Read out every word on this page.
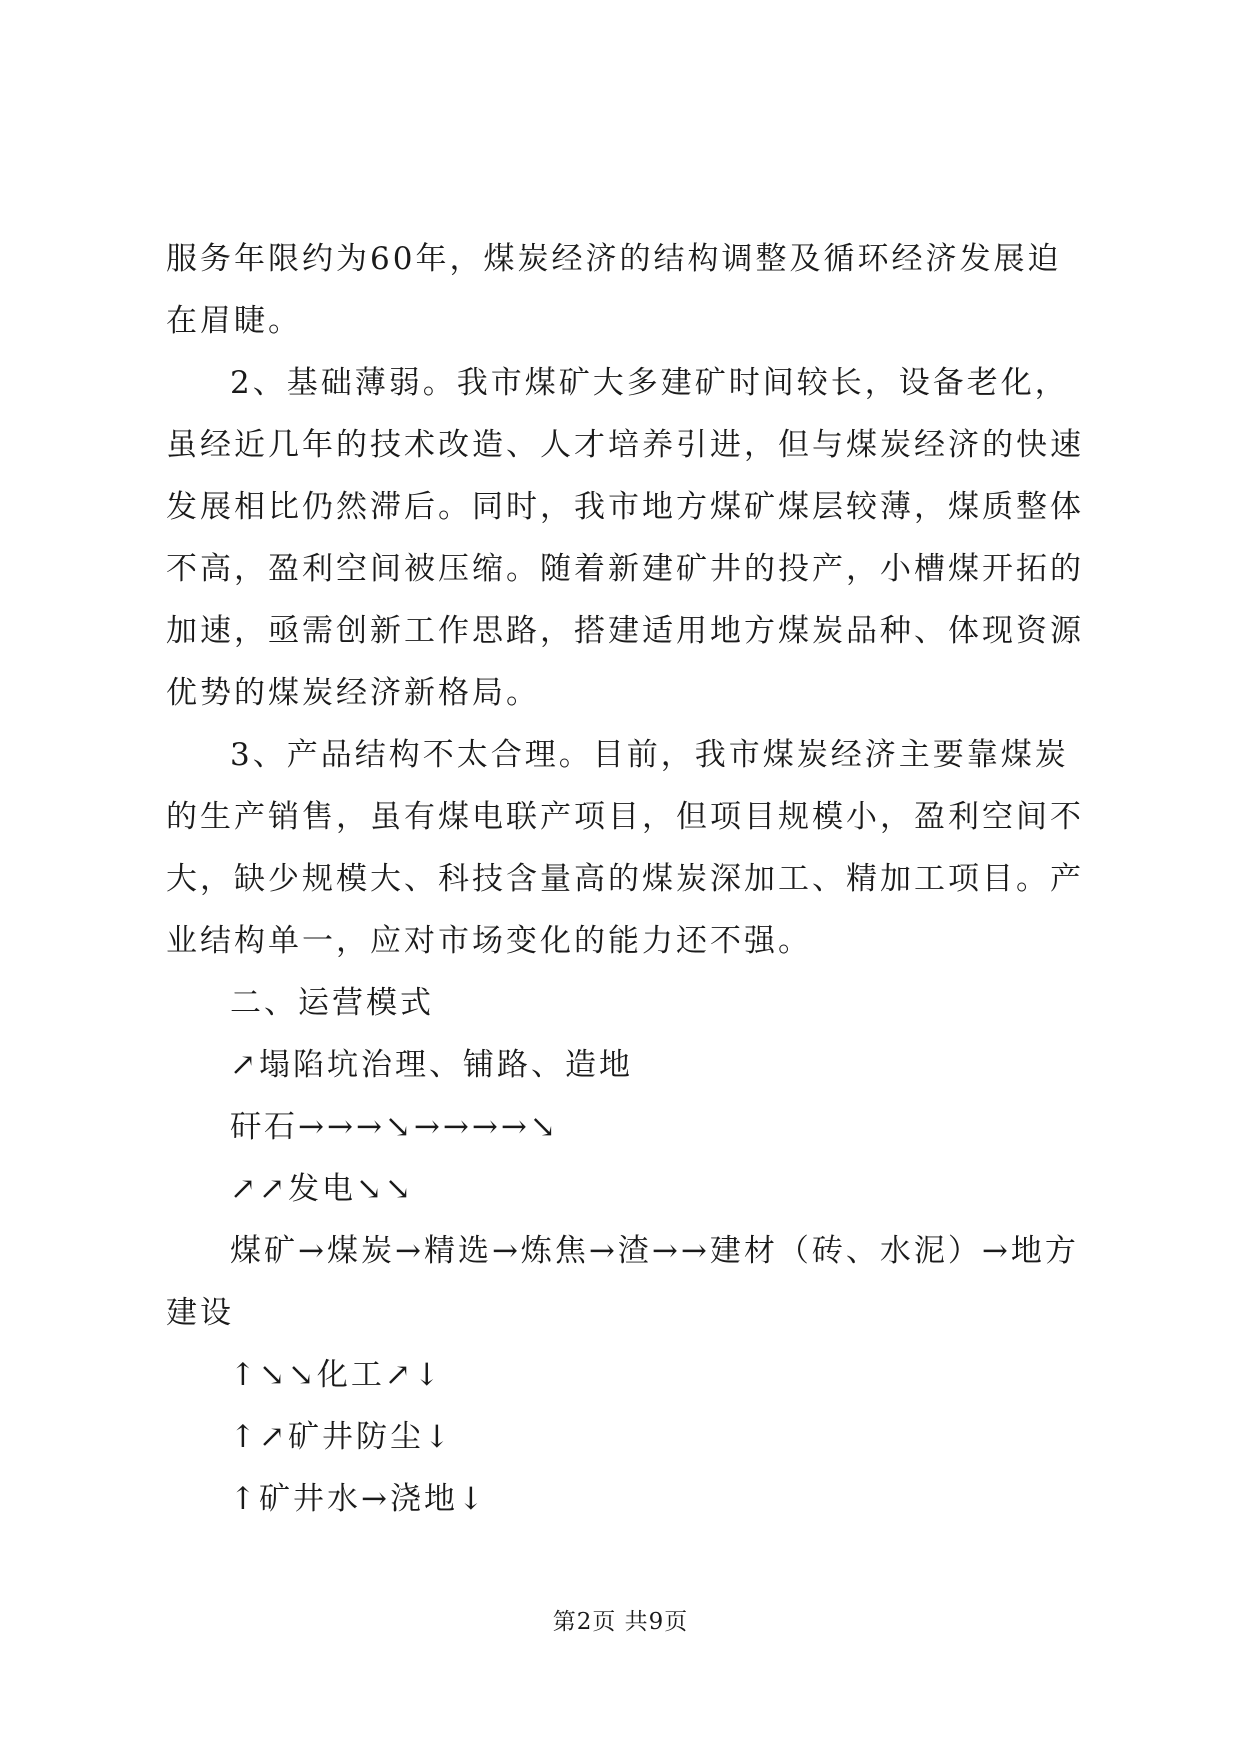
服务年限约为60年，煤炭经济的结构调整及循环经济发展迫在眉睫。

2、基础薄弱。我市煤矿大多建矿时间较长，设备老化，虽经近几年的技术改造、人才培养引进，但与煤炭经济的快速发展相比仍然滞后。同时，我市地方煤矿煤层较薄，煤质整体不高，盈利空间被压缩。随着新建矿井的投产，小槽煤开拓的加速，亟需创新工作思路，搭建适用地方煤炭品种、体现资源优势的煤炭经济新格局。

3、产品结构不太合理。目前，我市煤炭经济主要靠煤炭的生产销售，虽有煤电联产项目，但项目规模小，盈利空间不大，缺少规模大、科技含量高的煤炭深加工、精加工项目。产业结构单一，应对市场变化的能力还不强。

二、运营模式

↗塌陷坑治理、铺路、造地

矸石→→→↘→→→→↘

↗↗发电↘↘

煤矿→煤炭→精选→炼焦→渣→→建材（砖、水泥）→地方建设

↑↘↘化工↗↓

↑↗矿井防尘↓

↑矿井水→浇地↓

第2页 共9页
